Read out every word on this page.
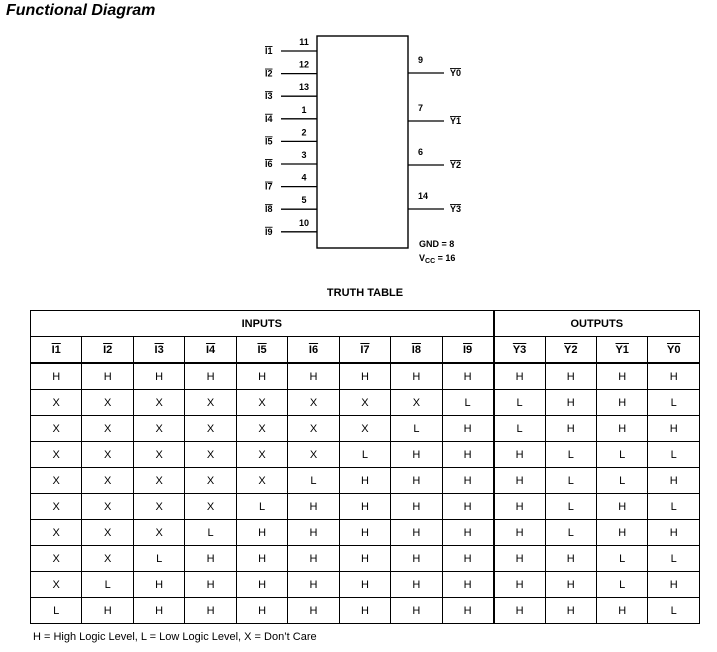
Functional Diagram
11
I1
12
I2
13
I3
1
I4
2
I5
3
I6
4
I7
5
I8
10
I9
9
Y0
7
Y1
6
Y2
14
Y3
GND = 8
$V_{CC} = 16$
TRUTH TABLE
INPUTS									OUTPUTS			
I1	I2	I3	I4	I5	I6	I7	I8	I9	Y3	Y2	Y1	Y0
H	H	H	H	H	H	H	H	H	H	H	H	H
X	X	X	X	X	X	X	X	L	L	H	H	L
X	X	X	X	X	X	X	L	H	L	H	H	H
X	X	X	X	X	X	L	H	H	H	L	L	L
X	X	X	X	X	L	H	H	H	H	L	L	H
X	X	X	X	L	H	H	H	H	H	L	H	L
X	X	X	L	H	H	H	H	H	H	L	H	H
X	X	L	H	H	H	H	H	H	H	H	L	L
X	L	H	H	H	H	H	H	H	H	H	L	H
L	H	H	H	H	H	H	H	H	H	H	H	L
H = High Logic Level, L = Low Logic Level, X = Don’t Care
